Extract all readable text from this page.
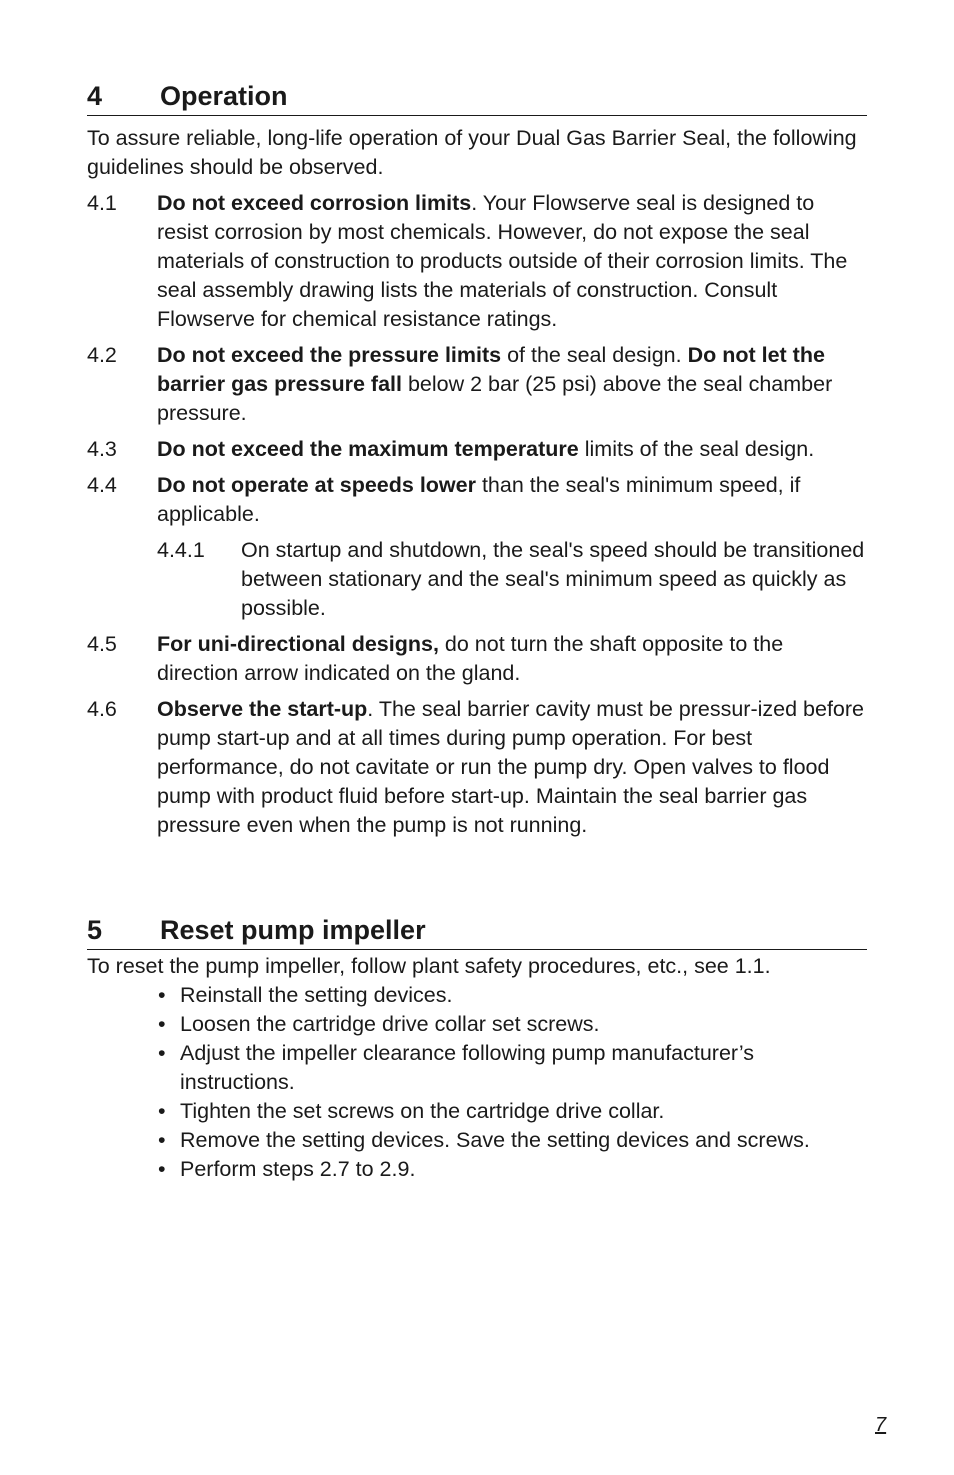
4	Operation
To assure reliable, long-life operation of your Dual Gas Barrier Seal, the following guidelines should be observed.
4.1	Do not exceed corrosion limits. Your Flowserve seal is designed to resist corrosion by most chemicals. However, do not expose the seal materials of construction to products outside of their corrosion limits. The seal assembly drawing lists the materials of construction. Consult Flowserve for chemical resistance ratings.
4.2	Do not exceed the pressure limits of the seal design. Do not let the barrier gas pressure fall below 2 bar (25 psi) above the seal chamber pressure.
4.3	Do not exceed the maximum temperature limits of the seal design.
4.4	Do not operate at speeds lower than the seal's minimum speed, if applicable.
4.4.1	On startup and shutdown, the seal's speed should be transitioned between stationary and the seal's minimum speed as quickly as possible.
4.5	For uni-directional designs, do not turn the shaft opposite to the direction arrow indicated on the gland.
4.6	Observe the start-up. The seal barrier cavity must be pressur-ized before pump start-up and at all times during pump operation. For best performance, do not cavitate or run the pump dry. Open valves to flood pump with product fluid before start-up. Maintain the seal barrier gas pressure even when the pump is not running.
5	Reset pump impeller
To reset the pump impeller, follow plant safety procedures, etc., see 1.1.
• Reinstall the setting devices.
• Loosen the cartridge drive collar set screws.
• Adjust the impeller clearance following pump manufacturer’s instructions.
• Tighten the set screws on the cartridge drive collar.
• Remove the setting devices. Save the setting devices and screws.
• Perform steps 2.7 to 2.9.
7
